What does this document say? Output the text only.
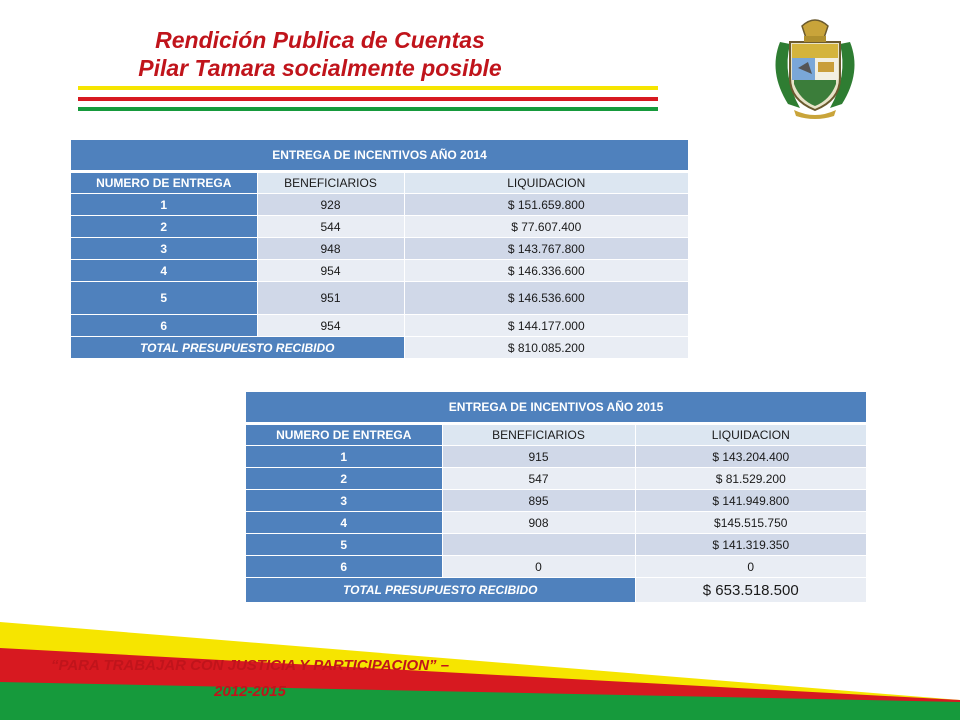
Rendición Publica de Cuentas
Pilar Tamara socialmente posible
ENTREGA DE INCENTIVOS AÑO 2014		
NUMERO DE ENTREGA	BENEFICIARIOS	LIQUIDACION
1	928	$ 151.659.800
2	544	$ 77.607.400
3	948	$ 143.767.800
4	954	$ 146.336.600
5	951	$ 146.536.600
6	954	$ 144.177.000
TOTAL PRESUPUESTO RECIBIDO		$ 810.085.200
ENTREGA DE INCENTIVOS AÑO 2015		
NUMERO DE ENTREGA	BENEFICIARIOS	LIQUIDACION
1	915	$ 143.204.400
2	547	$ 81.529.200
3	895	$ 141.949.800
4	908	$145.515.750
5		$ 141.319.350
6	0	0
TOTAL PRESUPUESTO RECIBIDO		$ 653.518.500

“PARA TRABAJAR CON JUSTICIA Y PARTICIPACION” –

2012-2015
